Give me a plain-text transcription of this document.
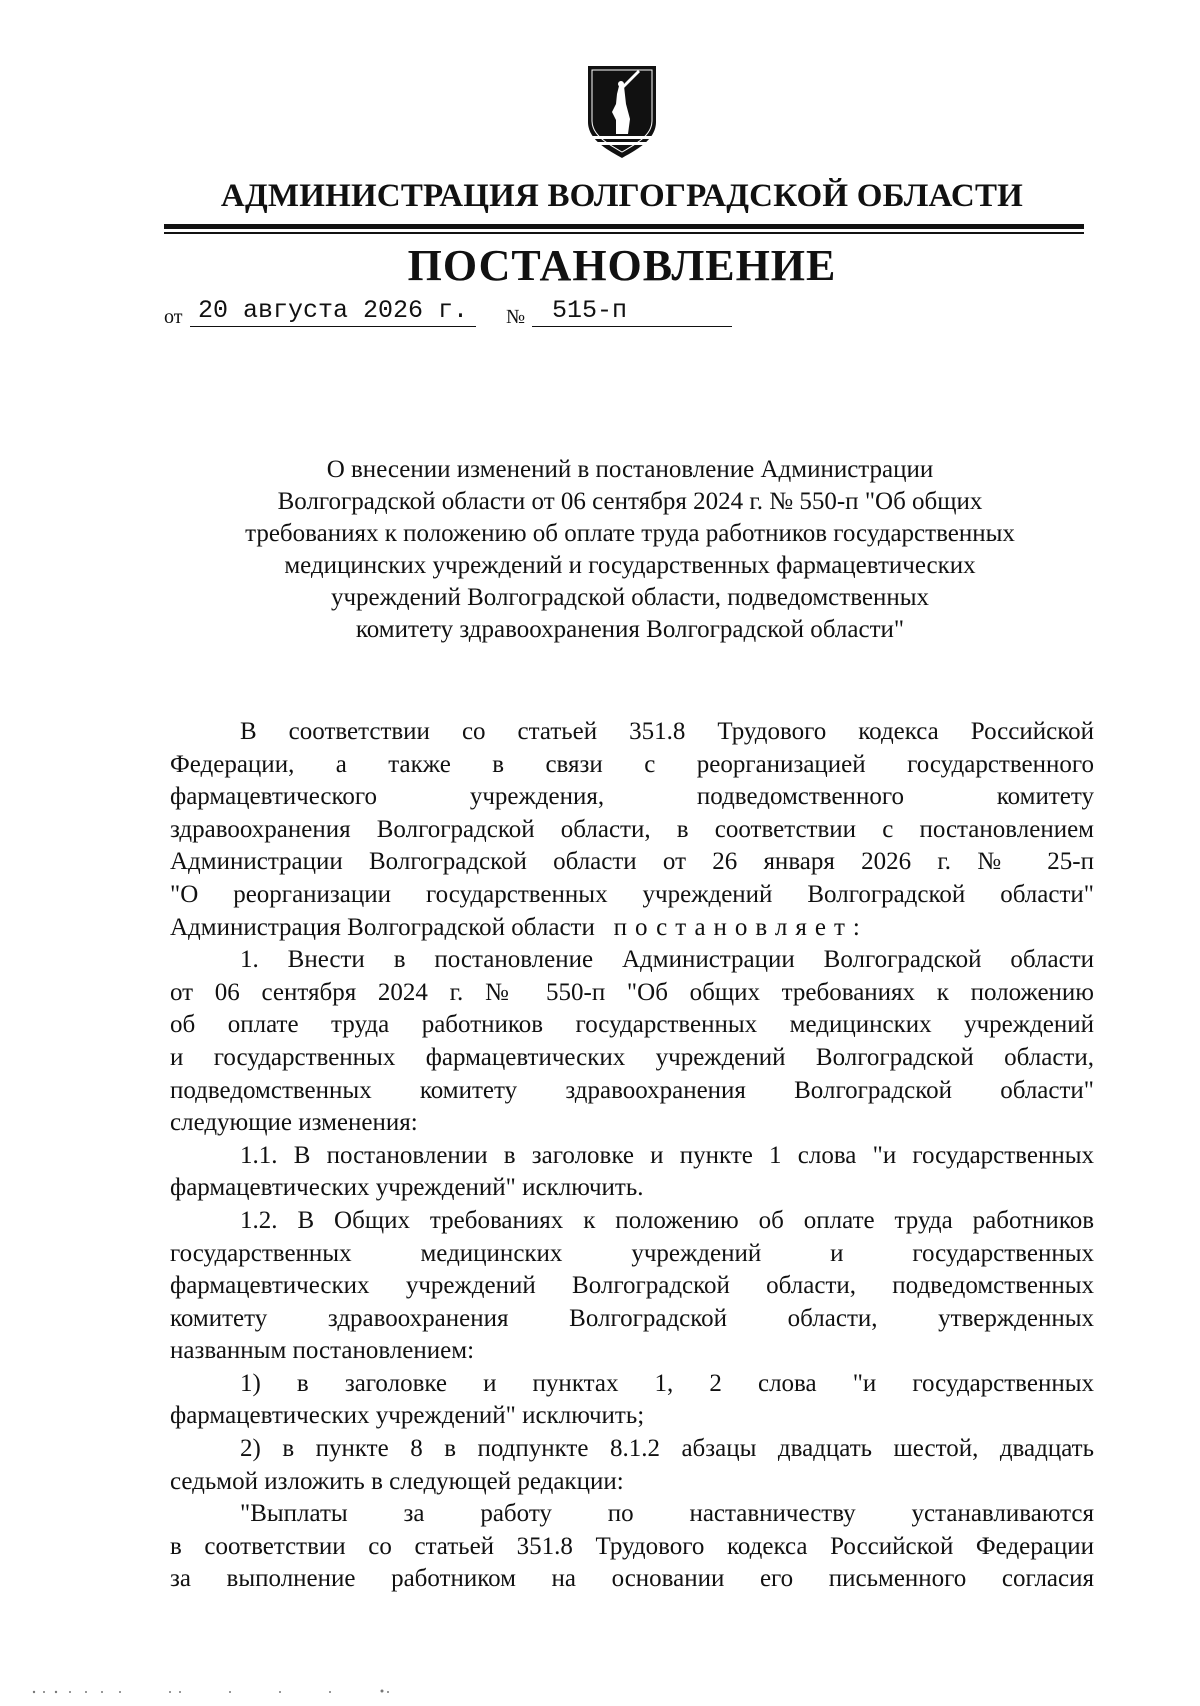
АДМИНИСТРАЦИЯ ВОЛГОГРАДСКОЙ ОБЛАСТИ
ПОСТАНОВЛЕНИЕ
от 20 августа 2026 г.	№	515-п
О внесении изменений в постановление Администрации
Волгоградской области от 06 сентября 2024 г. № 550-п "Об общих
требованиях к положению об оплате труда работников государственных
медицинских учреждений и государственных фармацевтических
учреждений Волгоградской области, подведомственных
комитету здравоохранения Волгоградской области"
В соответствии со статьей 351.8 Трудового кодекса Российской
Федерации, а также в связи с реорганизацией государственного
фармацевтического учреждения, подведомственного комитету
здравоохранения Волгоградской области, в соответствии с постановлением
Администрации Волгоградской области от 26 января 2026 г. № 25-п
"О реорганизации государственных учреждений Волгоградской области"
Администрация Волгоградской области постановляет:
1. Внести в постановление Администрации Волгоградской области
от 06 сентября 2024 г. № 550-п "Об общих требованиях к положению
об оплате труда работников государственных медицинских учреждений
и государственных фармацевтических учреждений Волгоградской области,
подведомственных комитету здравоохранения Волгоградской области"
следующие изменения:
1.1. В постановлении в заголовке и пункте 1 слова "и государственных
фармацевтических учреждений" исключить.
1.2. В Общих требованиях к положению об оплате труда работников
государственных медицинских учреждений и государственных
фармацевтических учреждений Волгоградской области, подведомственных
комитету здравоохранения Волгоградской области, утвержденных
названным постановлением:
1) в заголовке и пунктах 1, 2 слова "и государственных
фармацевтических учреждений" исключить;
2) в пункте 8 в подпункте 8.1.2 абзацы двадцать шестой, двадцать
седьмой изложить в следующей редакции:
"Выплаты за работу по наставничеству устанавливаются
в соответствии со статьей 351.8 Трудового кодекса Российской Федерации
за выполнение работником на основании его письменного согласия
